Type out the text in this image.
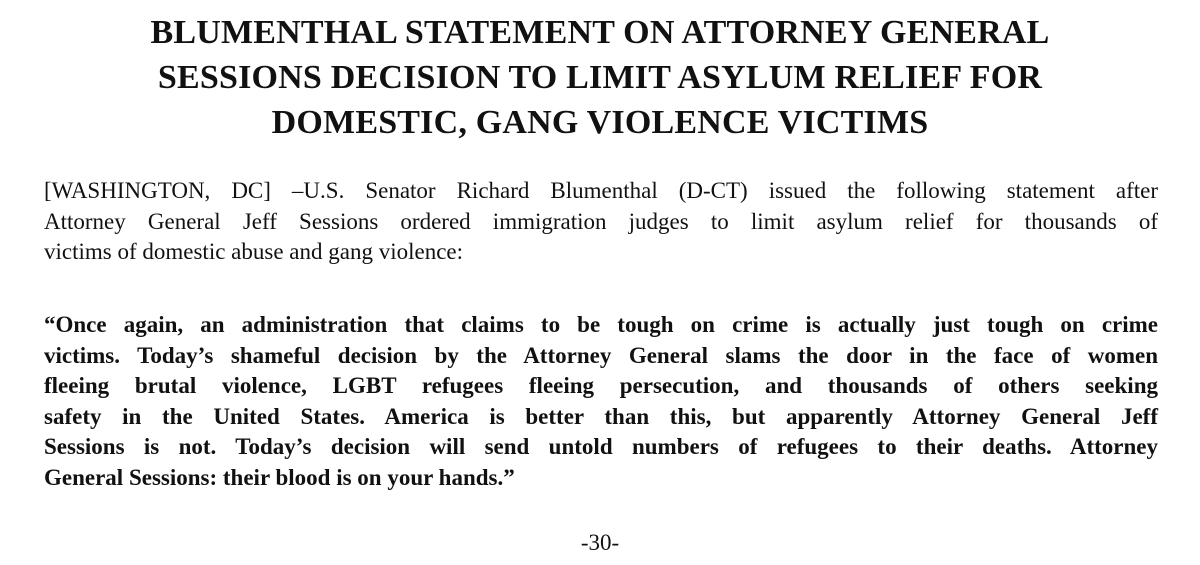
BLUMENTHAL STATEMENT ON ATTORNEY GENERAL
SESSIONS DECISION TO LIMIT ASYLUM RELIEF FOR
DOMESTIC, GANG VIOLENCE VICTIMS

[WASHINGTON, DC] –U.S. Senator Richard Blumenthal (D-CT) issued the following statement after
Attorney General Jeff Sessions ordered immigration judges to limit asylum relief for thousands of
victims of domestic abuse and gang violence:

“Once again, an administration that claims to be tough on crime is actually just tough on crime
victims. Today’s shameful decision by the Attorney General slams the door in the face of women
fleeing brutal violence, LGBT refugees fleeing persecution, and thousands of others seeking
safety in the United States. America is better than this, but apparently Attorney General Jeff
Sessions is not. Today’s decision will send untold numbers of refugees to their deaths. Attorney
General Sessions: their blood is on your hands.”

-30-
